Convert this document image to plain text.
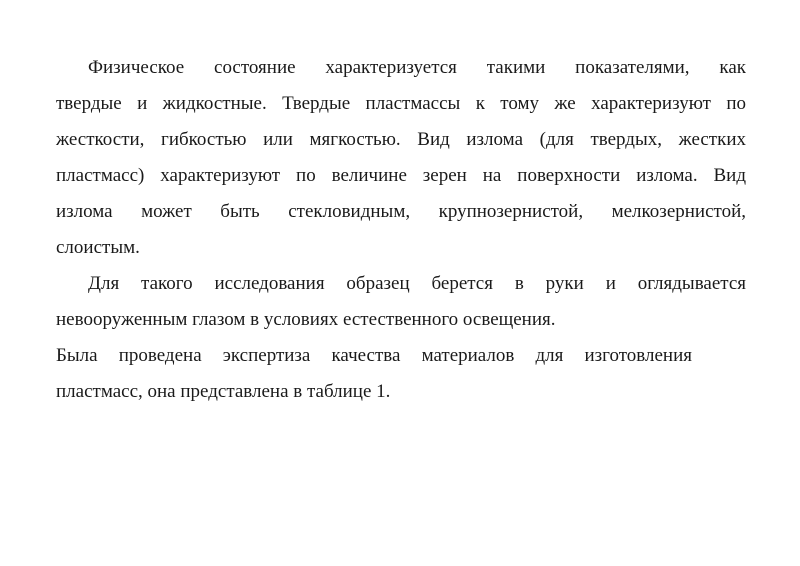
Физическое состояние характеризуется такими показателями, как
твердые и жидкостные. Твердые пластмассы к тому же характеризуют по
жесткости, гибкостью или мягкостью. Вид излома (для твердых, жестких
пластмасс) характеризуют по величине зерен на поверхности излома. Вид
излома может быть стекловидным, крупнозернистой, мелкозернистой,
слоистым.
Для такого исследования образец берется в руки и оглядывается
невооруженным глазом в условиях естественного освещения.
Была проведена экспертиза качества материалов для изготовления
пластмасс, она представлена в таблице 1.
